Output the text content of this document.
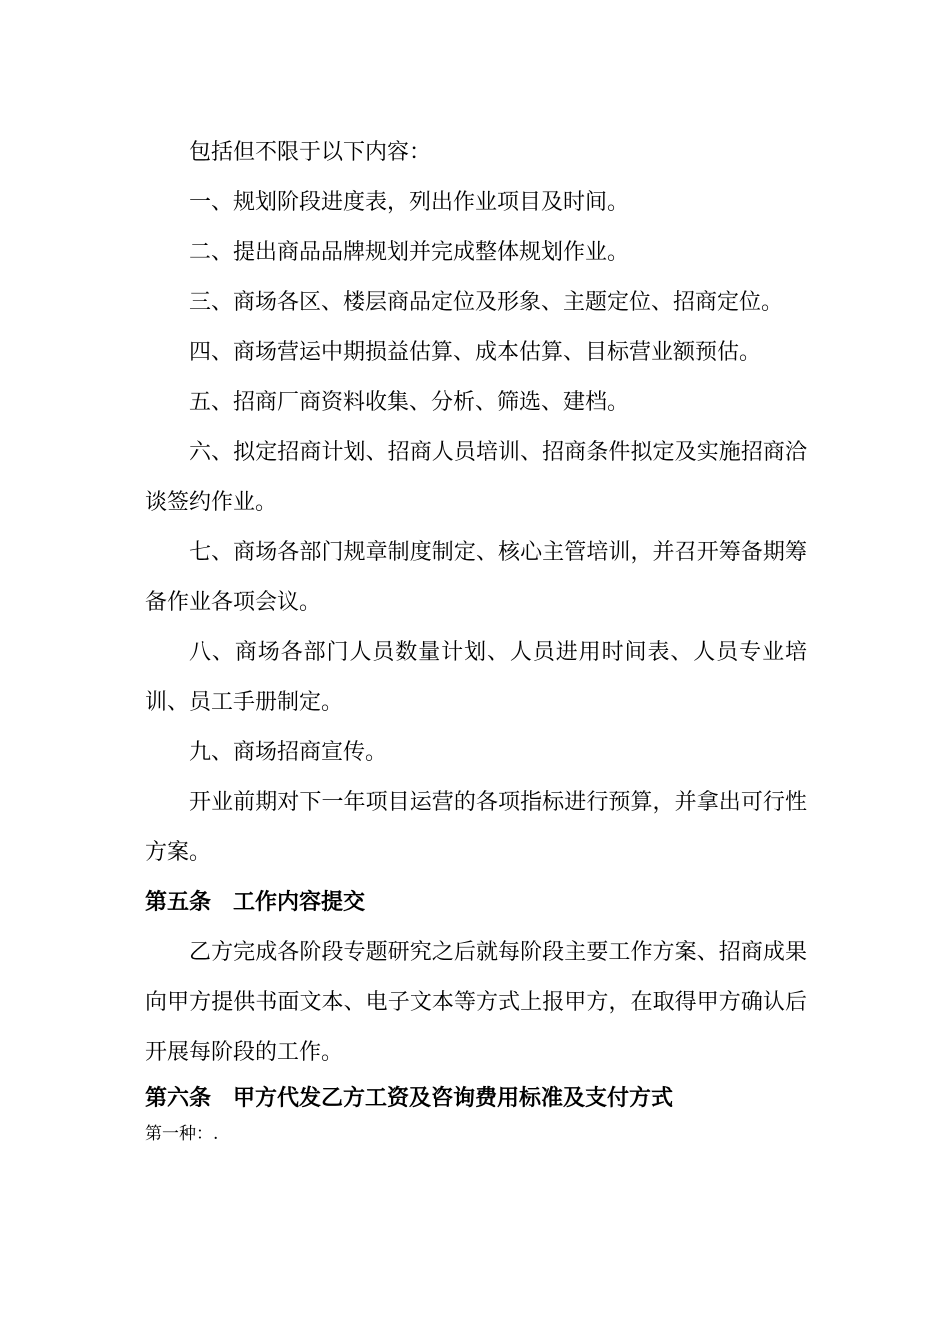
包括但不限于以下内容：

一、规划阶段进度表，列出作业项目及时间。

二、提出商品品牌规划并完成整体规划作业。

三、商场各区、楼层商品定位及形象、主题定位、招商定位。

四、商场营运中期损益估算、成本估算、目标营业额预估。

五、招商厂商资料收集、分析、筛选、建档。

六、拟定招商计划、招商人员培训、招商条件拟定及实施招商洽谈签约作业。

七、商场各部门规章制度制定、核心主管培训，并召开筹备期筹备作业各项会议。

八、商场各部门人员数量计划、人员进用时间表、人员专业培训、员工手册制定。

九、商场招商宣传。

开业前期对下一年项目运营的各项指标进行预算，并拿出可行性方案。

第五条　工作内容提交

乙方完成各阶段专题研究之后就每阶段主要工作方案、招商成果向甲方提供书面文本、电子文本等方式上报甲方，在取得甲方确认后开展每阶段的工作。

第六条　甲方代发乙方工资及咨询费用标准及支付方式

第一种：.
